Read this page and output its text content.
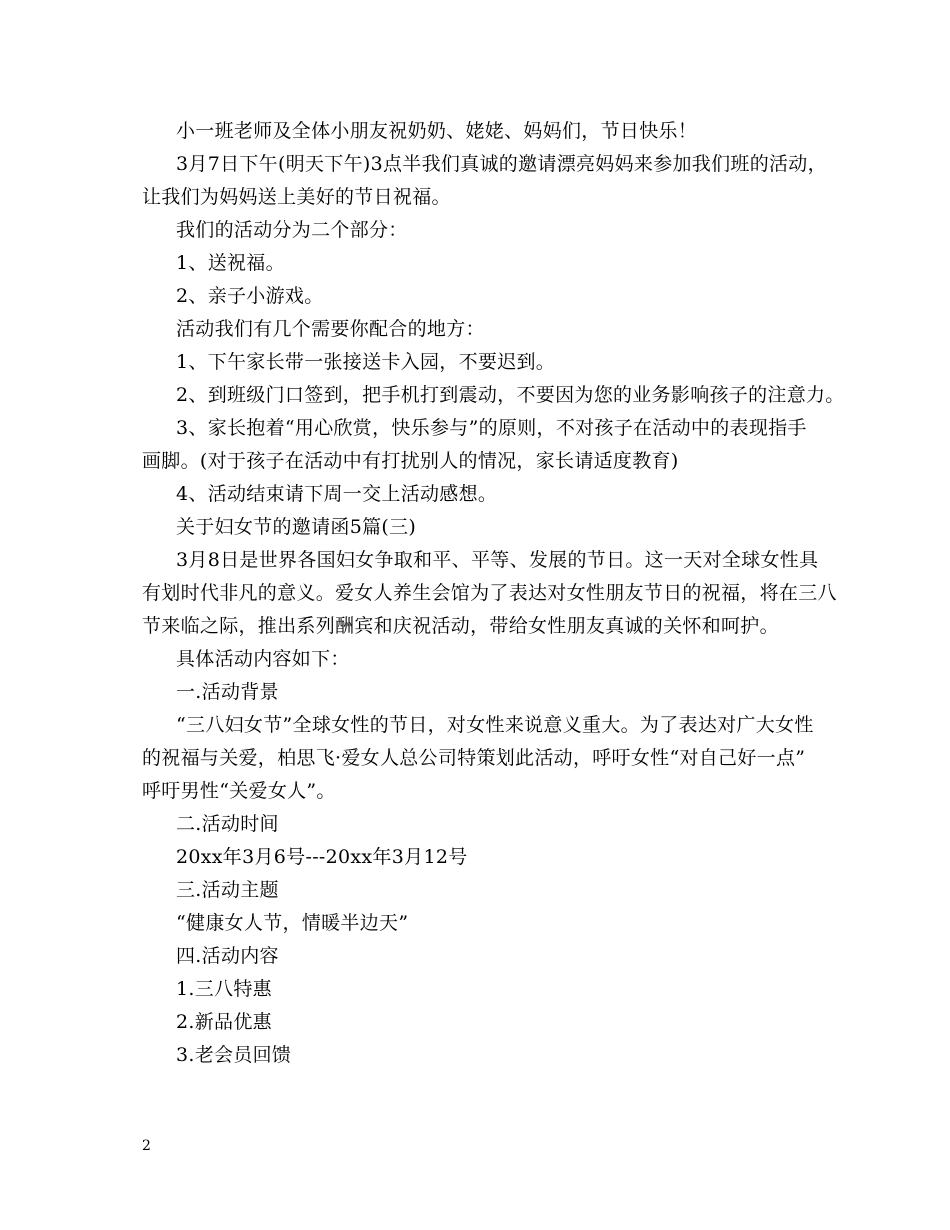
小一班老师及全体小朋友祝奶奶、姥姥、妈妈们，节日快乐！
3月7日下午(明天下午)3点半我们真诚的邀请漂亮妈妈来参加我们班的活动，
让我们为妈妈送上美好的节日祝福。
我们的活动分为二个部分：
1、送祝福。
2、亲子小游戏。
活动我们有几个需要你配合的地方：
1、下午家长带一张接送卡入园，不要迟到。
2、到班级门口签到，把手机打到震动，不要因为您的业务影响孩子的注意力。
3、家长抱着“用心欣赏，快乐参与”的原则，不对孩子在活动中的表现指手
画脚。(对于孩子在活动中有打扰别人的情况，家长请适度教育)
4、活动结束请下周一交上活动感想。
关于妇女节的邀请函5篇(三)
3月8日是世界各国妇女争取和平、平等、发展的节日。这一天对全球女性具
有划时代非凡的意义。爱女人养生会馆为了表达对女性朋友节日的祝福，将在三八
节来临之际，推出系列酬宾和庆祝活动，带给女性朋友真诚的关怀和呵护。
具体活动内容如下：
一.活动背景
“三八妇女节”全球女性的节日，对女性来说意义重大。为了表达对广大女性
的祝福与关爱，柏思飞·爱女人总公司特策划此活动，呼吁女性“对自己好一点”
呼吁男性“关爱女人”。
二.活动时间
20xx年3月6号---20xx年3月12号
三.活动主题
“健康女人节，情暖半边天”
四.活动内容
1.三八特惠
2.新品优惠
3.老会员回馈
2
